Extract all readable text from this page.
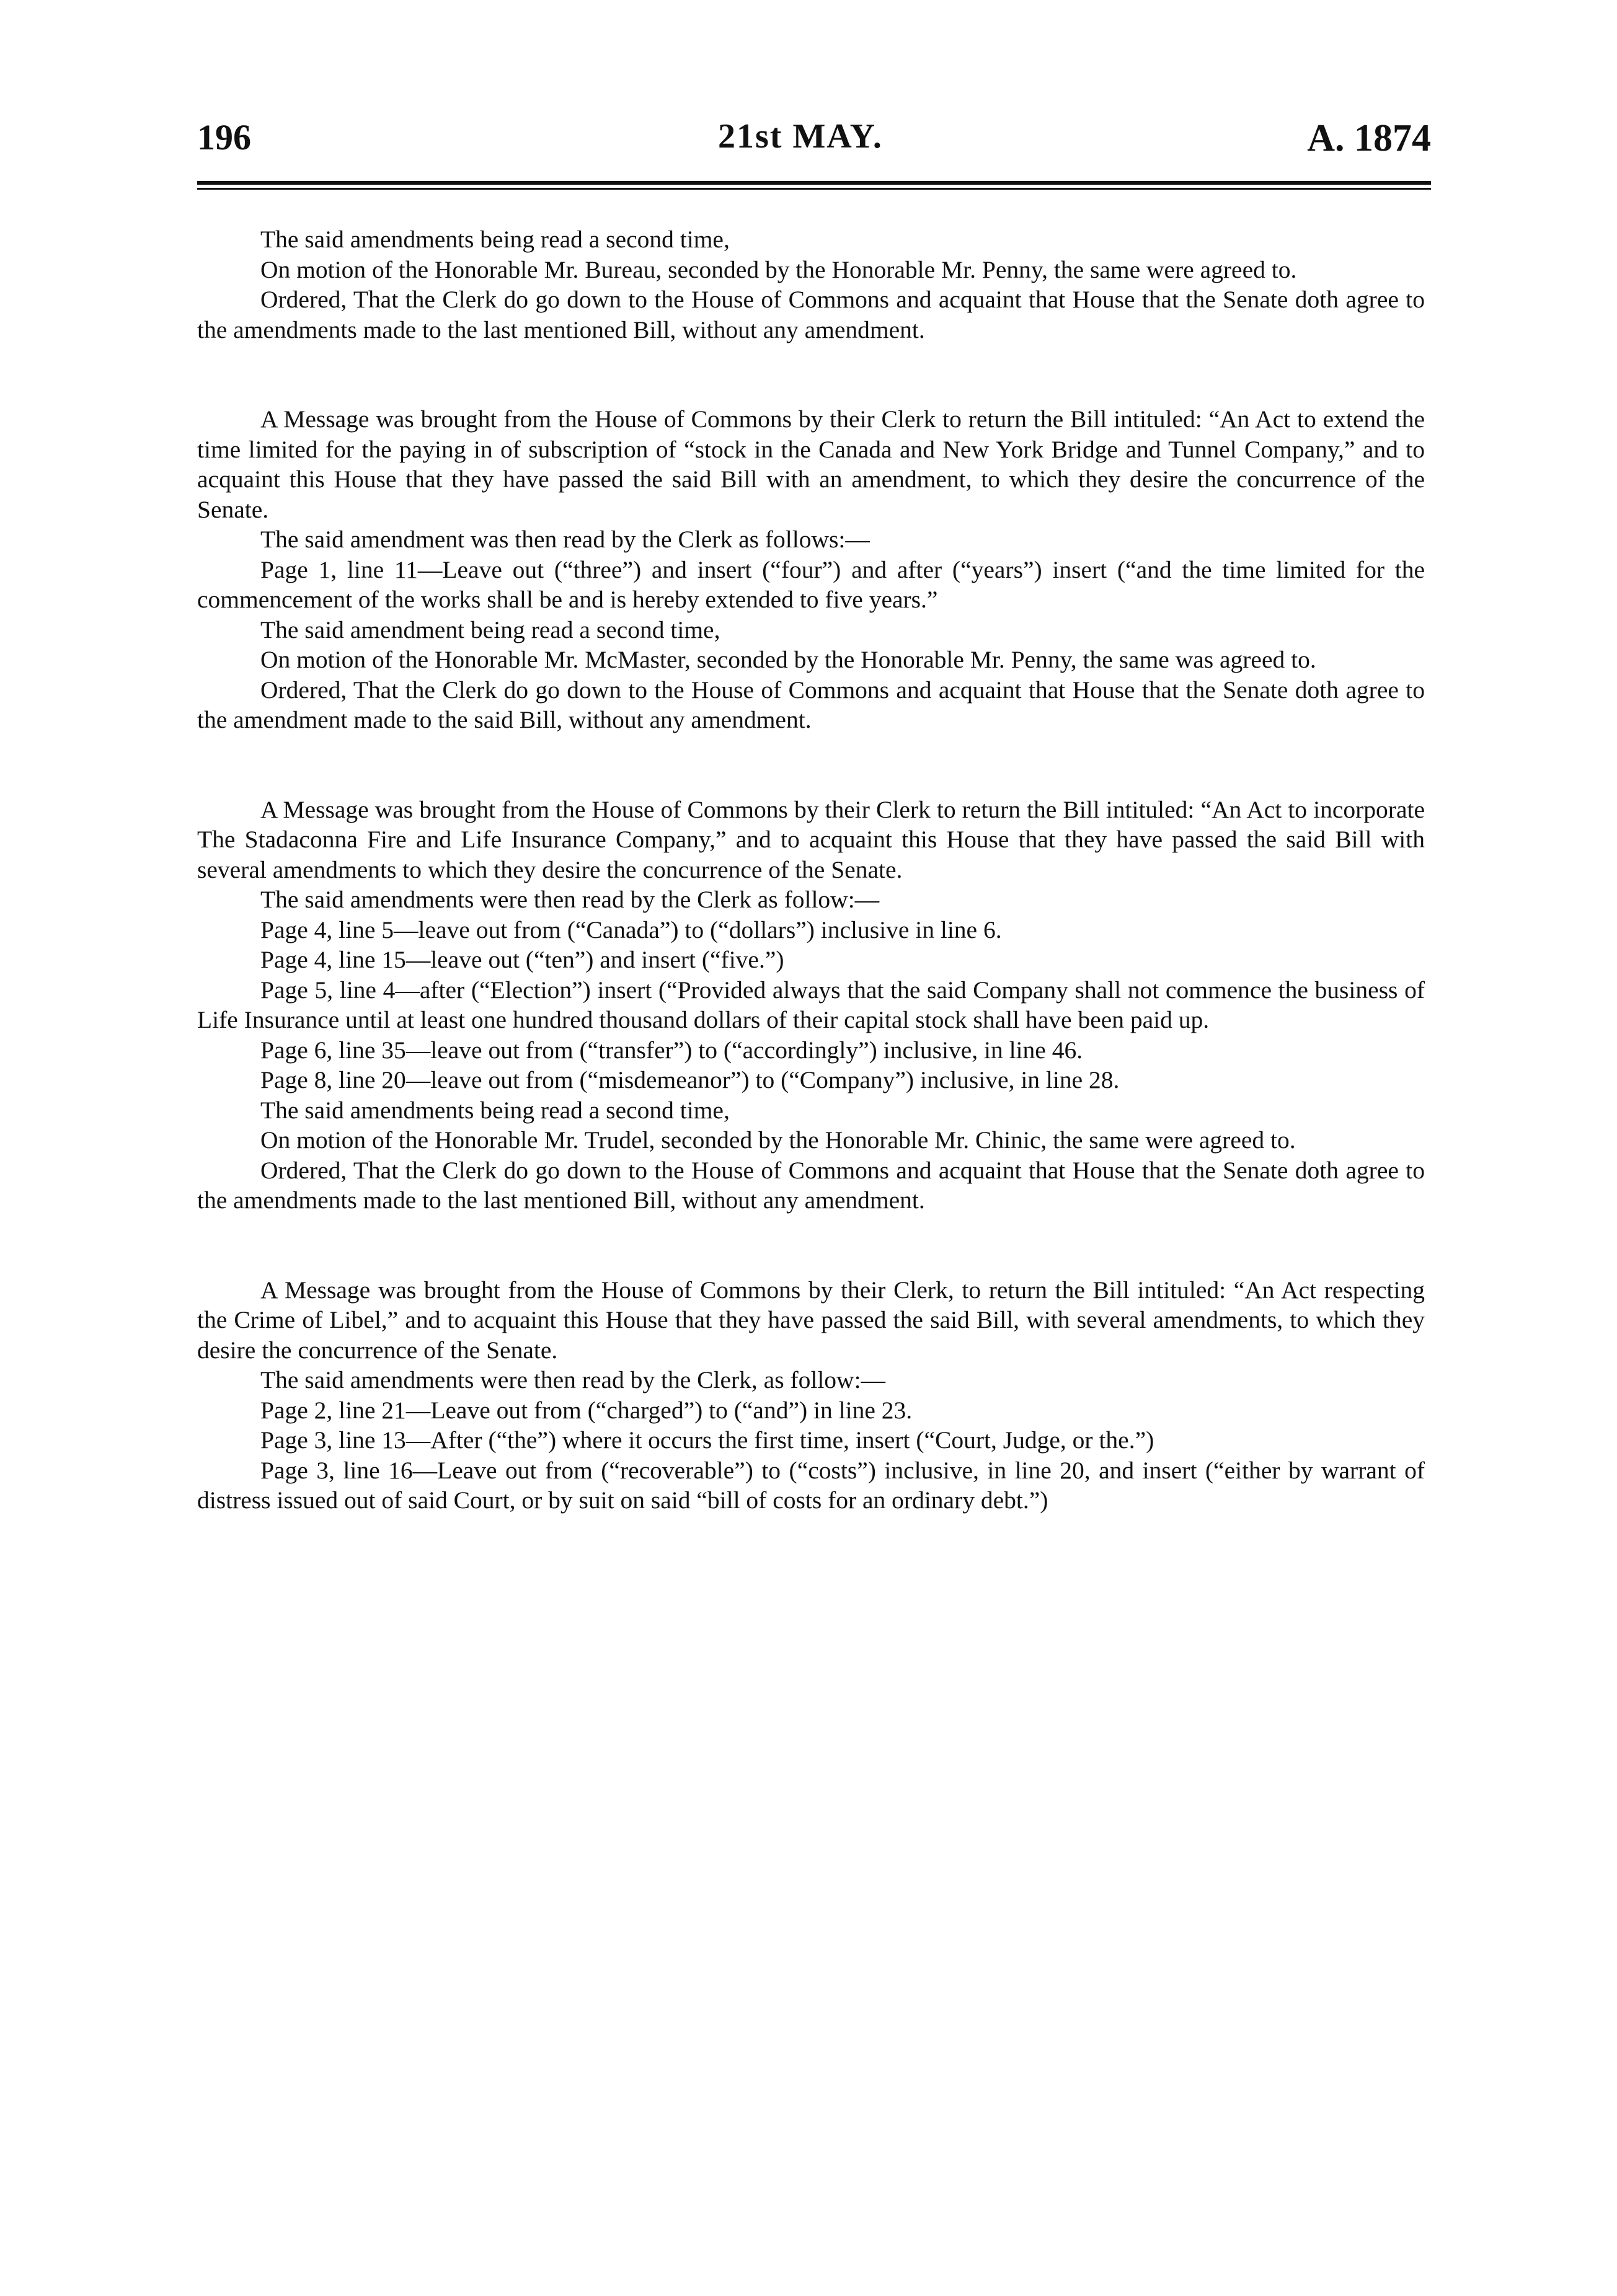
196	21st MAY.	A. 1874

The said amendments being read a second time,

On motion of the Honorable Mr. Bureau, seconded by the Honorable Mr. Penny, the same were agreed to.

Ordered, That the Clerk do go down to the House of Commons and acquaint that House that the Senate doth agree to the amendments made to the last mentioned Bill, without any amendment.

A Message was brought from the House of Commons by their Clerk to return the Bill intituled: “An Act to extend the time limited for the paying in of subscription of “stock in the Canada and New York Bridge and Tunnel Company,” and to acquaint this House that they have passed the said Bill with an amendment, to which they desire the concurrence of the Senate.

The said amendment was then read by the Clerk as follows:—

Page 1, line 11—Leave out (“three”) and insert (“four”) and after (“years”) insert (“and the time limited for the commencement of the works shall be and is hereby extended to five years.”

The said amendment being read a second time,

On motion of the Honorable Mr. McMaster, seconded by the Honorable Mr. Penny, the same was agreed to.

Ordered, That the Clerk do go down to the House of Commons and acquaint that House that the Senate doth agree to the amendment made to the said Bill, without any amendment.

A Message was brought from the House of Commons by their Clerk to return the Bill intituled: “An Act to incorporate The Stadaconna Fire and Life Insurance Company,” and to acquaint this House that they have passed the said Bill with several amendments to which they desire the concurrence of the Senate.

The said amendments were then read by the Clerk as follow:—

Page 4, line 5—leave out from (“Canada”) to (“dollars”) inclusive in line 6.

Page 4, line 15—leave out (“ten”) and insert (“five.”)

Page 5, line 4—after (“Election”) insert (“Provided always that the said Company shall not commence the business of Life Insurance until at least one hundred thousand dollars of their capital stock shall have been paid up.

Page 6, line 35—leave out from (“transfer”) to (“accordingly”) inclusive, in line 46.

Page 8, line 20—leave out from (“misdemeanor”) to (“Company”) inclusive, in line 28.

The said amendments being read a second time,

On motion of the Honorable Mr. Trudel, seconded by the Honorable Mr. Chinic, the same were agreed to.

Ordered, That the Clerk do go down to the House of Commons and acquaint that House that the Senate doth agree to the amendments made to the last mentioned Bill, without any amendment.

A Message was brought from the House of Commons by their Clerk, to return the Bill intituled: “An Act respecting the Crime of Libel,” and to acquaint this House that they have passed the said Bill, with several amendments, to which they desire the concurrence of the Senate.

The said amendments were then read by the Clerk, as follow:—

Page 2, line 21—Leave out from (“charged”) to (“and”) in line 23.

Page 3, line 13—After (“the”) where it occurs the first time, insert (“Court, Judge, or the.”)

Page 3, line 16—Leave out from (“recoverable”) to (“costs”) inclusive, in line 20, and insert (“either by warrant of distress issued out of said Court, or by suit on said “bill of costs for an ordinary debt.”)
